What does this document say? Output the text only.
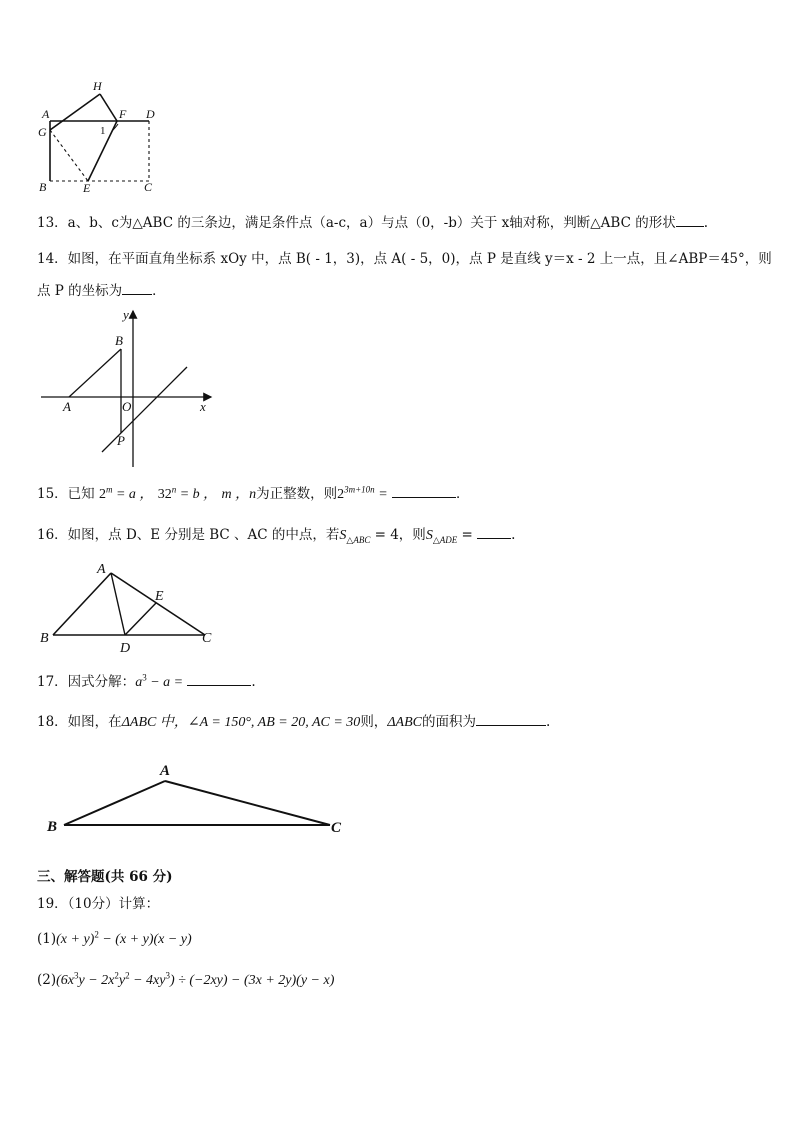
H
A	F D
G	1
B	E	C
13．a、b、c为△ABC 的三条边，满足条件点（a-c，a）与点（0，-b）关于 x轴对称，判断△ABC 的形状 .
14．如图，在平面直角坐标系 xOy 中，点 B( - 1，3)，点 A( - 5，0)，点 P 是直线 y＝x - 2 上一点，且∠ABP＝45°，则
点 P 的坐标为 ．
y
B
A	O	x
P
15．已知 $2^m = a$ ， $32^n = b$ ， m ，n为正整数，则$2^{3m+10n}$ =	．
16．如图，点 D、E 分别是 BC 、AC 的中点，若$S_{\triangle ABC} = 4$，则$S_{\triangle ADE}$ =	.
A
E
B
D
C
17．因式分解：$a^3 - a$ =	.
18．如图，在ΔABC 中，∠A = 150°, AB = 20, AC = 30则，ΔABC的面积为	.
A
B	C
三、解答题(共 66 分)
19．（10分）计算：
$(1)(x + y)^2 - (x + y)(x - y)$
$(2)(6x^3y - 2x^2y^2 - 4xy^3) \div (-2xy) - (3x + 2y)(y - x)$
